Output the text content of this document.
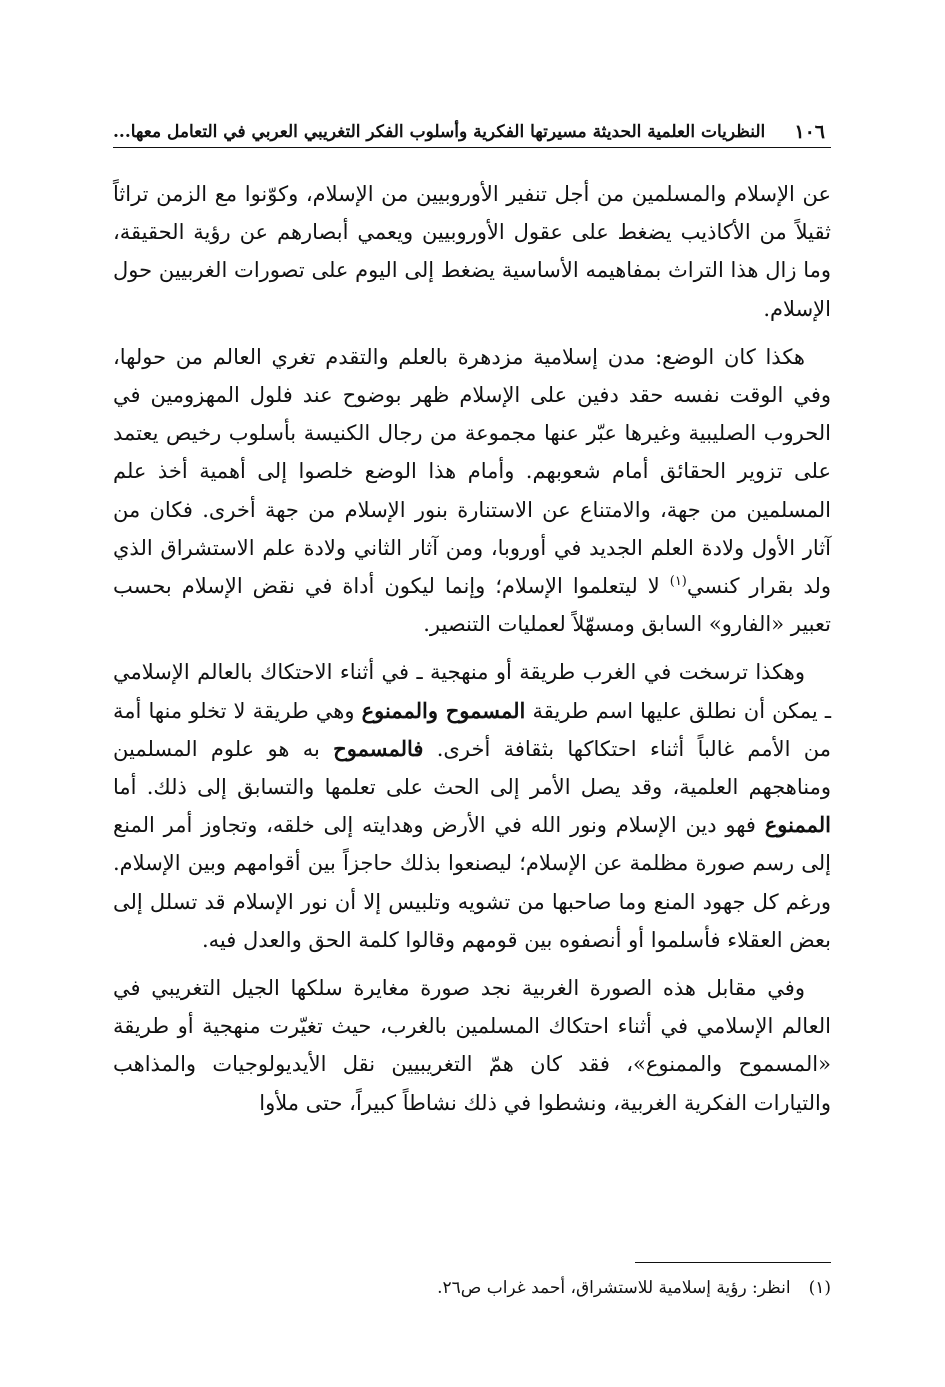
١٠٦
النظريات العلمية الحديثة مسيرتها الفكرية وأسلوب الفكر التغريبي العربي في التعامل معها...

عن الإسلام والمسلمين من أجل تنفير الأوروبيين من الإسلام، وكوّنوا مع الزمن تراثاً ثقيلاً من الأكاذيب يضغط على عقول الأوروبيين ويعمي أبصارهم عن رؤية الحقيقة، وما زال هذا التراث بمفاهيمه الأساسية يضغط إلى اليوم على تصورات الغربيين حول الإسلام.

هكذا كان الوضع: مدن إسلامية مزدهرة بالعلم والتقدم تغري العالم من حولها، وفي الوقت نفسه حقد دفين على الإسلام ظهر بوضوح عند فلول المهزومين في الحروب الصليبية وغيرها عبّر عنها مجموعة من رجال الكنيسة بأسلوب رخيص يعتمد على تزوير الحقائق أمام شعوبهم. وأمام هذا الوضع خلصوا إلى أهمية أخذ علم المسلمين من جهة، والامتناع عن الاستنارة بنور الإسلام من جهة أخرى. فكان من آثار الأول ولادة العلم الجديد في أوروبا، ومن آثار الثاني ولادة علم الاستشراق الذي ولد بقرار كنسي$^{(١)}$ لا ليتعلموا الإسلام؛ وإنما ليكون أداة في نقض الإسلام بحسب تعبير «الفارو» السابق ومسهّلاً لعمليات التنصير.

وهكذا ترسخت في الغرب طريقة أو منهجية ـ في أثناء الاحتكاك بالعالم الإسلامي ـ يمكن أن نطلق عليها اسم طريقة المسموح والممنوع وهي طريقة لا تخلو منها أمة من الأمم غالباً أثناء احتكاكها بثقافة أخرى. فالمسموح به هو علوم المسلمين ومناهجهم العلمية، وقد يصل الأمر إلى الحث على تعلمها والتسابق إلى ذلك. أما الممنوع فهو دين الإسلام ونور الله في الأرض وهدايته إلى خلقه، وتجاوز أمر المنع إلى رسم صورة مظلمة عن الإسلام؛ ليصنعوا بذلك حاجزاً بين أقوامهم وبين الإسلام. ورغم كل جهود المنع وما صاحبها من تشويه وتلبيس إلا أن نور الإسلام قد تسلل إلى بعض العقلاء فأسلموا أو أنصفوه بين قومهم وقالوا كلمة الحق والعدل فيه.

وفي مقابل هذه الصورة الغربية نجد صورة مغايرة سلكها الجيل التغريبي في العالم الإسلامي في أثناء احتكاك المسلمين بالغرب، حيث تغيّرت منهجية أو طريقة «المسموح والممنوع»، فقد كان همّ التغريبيين نقل الأيديولوجيات والمذاهب والتيارات الفكرية الغربية، ونشطوا في ذلك نشاطاً كبيراً، حتى ملأوا

(١)انظر: رؤية إسلامية للاستشراق، أحمد غراب ص٢٦.
